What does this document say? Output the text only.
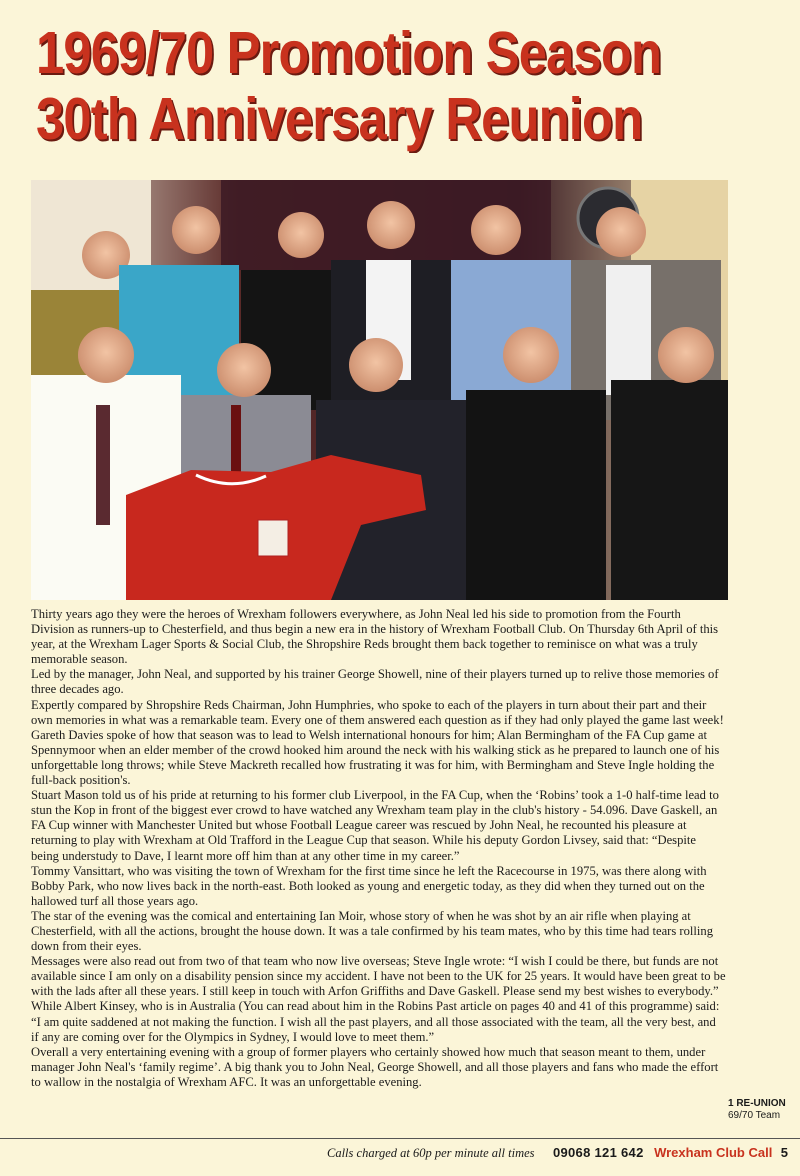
1969/70 Promotion Season
30th Anniversary Reunion

Thirty years ago they were the heroes of Wrexham followers everywhere, as John Neal led his side to promotion from the Fourth Division as runners-up to Chesterfield, and thus begin a new era in the history of Wrexham Football Club. On Thursday 6th April of this year, at the Wrexham Lager Sports & Social Club, the Shropshire Reds brought them back together to reminisce on what was a truly memorable season.

Led by the manager, John Neal, and supported by his trainer George Showell, nine of their players turned up to relive those memories of three decades ago.

Expertly compared by Shropshire Reds Chairman, John Humphries, who spoke to each of the players in turn about their part and their own memories in what was a remarkable team. Every one of them answered each question as if they had only played the game last week!

Gareth Davies spoke of how that season was to lead to Welsh international honours for him; Alan Bermingham of the FA Cup game at Spennymoor when an elder member of the crowd hooked him around the neck with his walking stick as he prepared to launch one of his unforgettable long throws; while Steve Mackreth recalled how frustrating it was for him, with Bermingham and Steve Ingle holding the full-back position's.

Stuart Mason told us of his pride at returning to his former club Liverpool, in the FA Cup, when the ‘Robins’ took a 1-0 half-time lead to stun the Kop in front of the biggest ever crowd to have watched any Wrexham team play in the club's history - 54.096. Dave Gaskell, an FA Cup winner with Manchester United but whose Football League career was rescued by John Neal, he recounted his pleasure at returning to play with Wrexham at Old Trafford in the League Cup that season. While his deputy Gordon Livsey, said that: “Despite being understudy to Dave, I learnt more off him than at any other time in my career.”

Tommy Vansittart, who was visiting the town of Wrexham for the first time since he left the Racecourse in 1975, was there along with Bobby Park, who now lives back in the north-east. Both looked as young and energetic today, as they did when they turned out on the hallowed turf all those years ago.

The star of the evening was the comical and entertaining Ian Moir, whose story of when he was shot by an air rifle when playing at Chesterfield, with all the actions, brought the house down. It was a tale confirmed by his team mates, who by this time had tears rolling down from their eyes.

Messages were also read out from two of that team who now live overseas; Steve Ingle wrote: “I wish I could be there, but funds are not available since I am only on a disability pension since my accident. I have not been to the UK for 25 years. It would have been great to be with the lads after all these years. I still keep in touch with Arfon Griffiths and Dave Gaskell. Please send my best wishes to everybody.” While Albert Kinsey, who is in Australia (You can read about him in the Robins Past article on pages 40 and 41 of this programme) said: “I am quite saddened at not making the function. I wish all the past players, and all those associated with the team, all the very best, and if any are coming over for the Olympics in Sydney, I would love to meet them.”

Overall a very entertaining evening with a group of former players who certainly showed how much that season meant to them, under manager John Neal's ‘family regime’. A big thank you to John Neal, George Showell, and all those players and fans who made the effort to wallow in the nostalgia of Wrexham AFC. It was an unforgettable evening.

1 RE-UNION
69/70 Team
Calls charged at 60p per minute all times 09068 121 642 Wrexham Club Call 5
